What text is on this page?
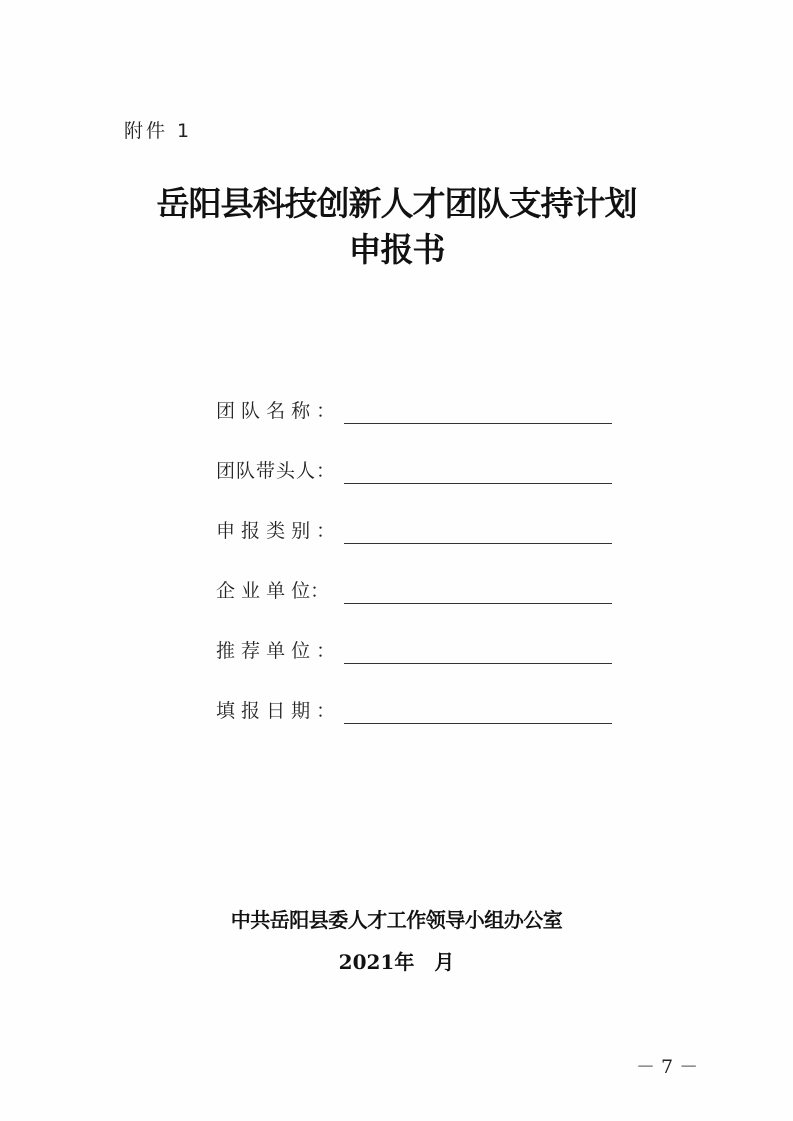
附件 1
岳阳县科技创新人才团队支持计划
申报书
团 队 名 称 ：
团队带头人：
申 报 类 别 ：
企 业 单 位：
推 荐 单 位 ：
填 报 日 期 ：
中共岳阳县委人才工作领导小组办公室
2021年　月
－ 7 －
